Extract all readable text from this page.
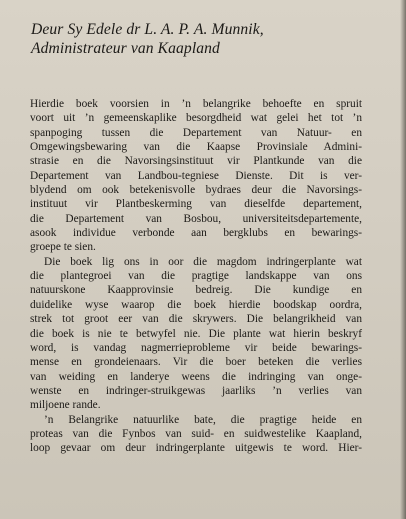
Deur Sy Edele dr L. A. P. A. Munnik,
Administrateur van Kaapland
Hierdie boek voorsien in ’n belangrike behoefte en spruit
voort uit ’n gemeenskaplike besorgdheid wat gelei het tot ’n
spanpoging tussen die Departement van Natuur- en
Omgewingsbewaring van die Kaapse Provinsiale Admini-
strasie en die Navorsingsinstituut vir Plantkunde van die
Departement van Landbou-tegniese Dienste. Dit is ver-
blydend om ook betekenisvolle bydraes deur die Navorsings-
instituut vir Plantbeskerming van dieselfde departement,
die Departement van Bosbou, universiteitsdepartemente,
asook individue verbonde aan bergklubs en bewarings-
groepe te sien.
Die boek lig ons in oor die magdom indringerplante wat
die plantegroei van die pragtige landskappe van ons
natuurskone Kaapprovinsie bedreig. Die kundige en
duidelike wyse waarop die boek hierdie boodskap oordra,
strek tot groot eer van die skrywers. Die belangrikheid van
die boek is nie te betwyfel nie. Die plante wat hierin beskryf
word, is vandag nagmerrieprobleme vir beide bewarings-
mense en grondeienaars. Vir die boer beteken die verlies
van weiding en landerye weens die indringing van onge-
wenste en indringer-struikgewas jaarliks ’n verlies van
miljoene rande.
’n Belangrike natuurlike bate, die pragtige heide en
proteas van die Fynbos van suid- en suidwestelike Kaapland,
loop gevaar om deur indringerplante uitgewis te word. Hier-
